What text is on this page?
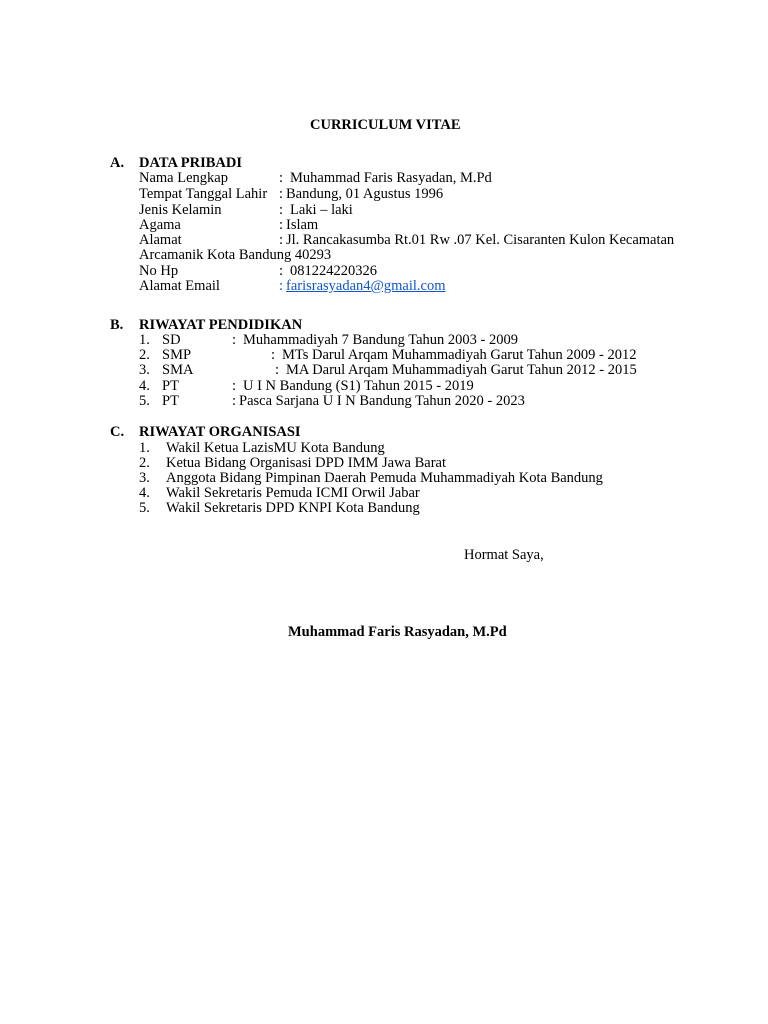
CURRICULUM VITAE
A. DATA PRIBADI
Nama Lengkap	: Muhammad Faris Rasyadan, M.Pd
Tempat Tanggal Lahir : Bandung, 01 Agustus 1996
Jenis Kelamin	: Laki – laki
Agama	: Islam
Alamat	: Jl. Rancakasumba Rt.01 Rw .07 Kel. Cisaranten Kulon Kecamatan
Arcamanik Kota Bandung 40293
No Hp	: 081224220326
Alamat Email	: farisrasyadan4@gmail.com
B. RIWAYAT PENDIDIKAN
1. SD	: Muhammadiyah 7 Bandung Tahun 2003 - 2009
2. SMP	: MTs Darul Arqam Muhammadiyah Garut Tahun 2009 - 2012
3. SMA	: MA Darul Arqam Muhammadiyah Garut Tahun 2012 - 2015
4. PT	: U I N Bandung (S1) Tahun 2015 - 2019
5. PT	: Pasca Sarjana U I N Bandung Tahun 2020 - 2023
C. RIWAYAT ORGANISASI
1. Wakil Ketua LazisMU Kota Bandung
2. Ketua Bidang Organisasi DPD IMM Jawa Barat
3. Anggota Bidang Pimpinan Daerah Pemuda Muhammadiyah Kota Bandung
4. Wakil Sekretaris Pemuda ICMI Orwil Jabar
5. Wakil Sekretaris DPD KNPI Kota Bandung
Hormat Saya,
Muhammad Faris Rasyadan, M.Pd
